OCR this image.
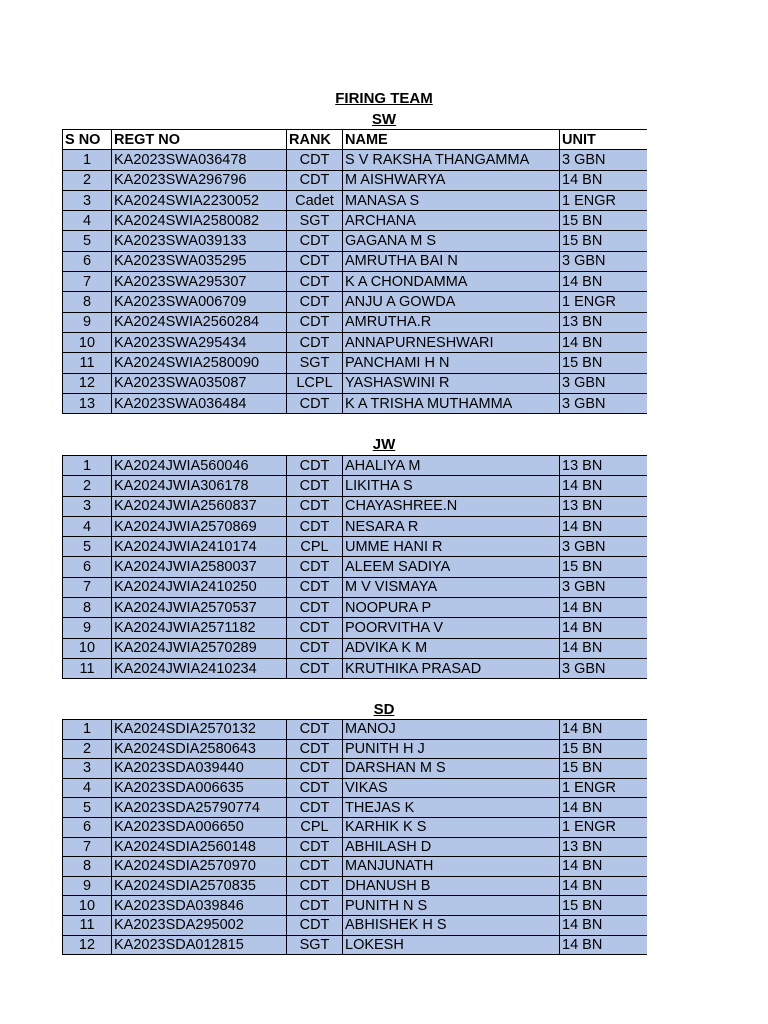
FIRING TEAM
SW
S NO	REGT NO	RANK	NAME	UNIT
1	KA2023SWA036478	CDT	S V RAKSHA THANGAMMA	3 GBN
2	KA2023SWA296796	CDT	M AISHWARYA	14 BN
3	KA2024SWIA2230052	Cadet	MANASA S	1 ENGR
4	KA2024SWIA2580082	SGT	ARCHANA	15 BN
5	KA2023SWA039133	CDT	GAGANA M S	15 BN
6	KA2023SWA035295	CDT	AMRUTHA BAI N	3 GBN
7	KA2023SWA295307	CDT	K A CHONDAMMA	14 BN
8	KA2023SWA006709	CDT	ANJU A GOWDA	1 ENGR
9	KA2024SWIA2560284	CDT	AMRUTHA.R	13 BN
10	KA2023SWA295434	CDT	ANNAPURNESHWARI	14 BN
11	KA2024SWIA2580090	SGT	PANCHAMI H N	15 BN
12	KA2023SWA035087	LCPL	YASHASWINI R	3 GBN
13	KA2023SWA036484	CDT	K A TRISHA MUTHAMMA	3 GBN
JW
1	KA2024JWIA560046	CDT	AHALIYA M	13 BN
2	KA2024JWIA306178	CDT	LIKITHA S	14 BN
3	KA2024JWIA2560837	CDT	CHAYASHREE.N	13 BN
4	KA2024JWIA2570869	CDT	NESARA R	14 BN
5	KA2024JWIA2410174	CPL	UMME HANI R	3 GBN
6	KA2024JWIA2580037	CDT	ALEEM SADIYA	15 BN
7	KA2024JWIA2410250	CDT	M V VISMAYA	3 GBN
8	KA2024JWIA2570537	CDT	NOOPURA P	14 BN
9	KA2024JWIA2571182	CDT	POORVITHA V	14 BN
10	KA2024JWIA2570289	CDT	ADVIKA K M	14 BN
11	KA2024JWIA2410234	CDT	KRUTHIKA PRASAD	3 GBN
SD
1	KA2024SDIA2570132	CDT	MANOJ	14 BN
2	KA2024SDIA2580643	CDT	PUNITH H J	15 BN
3	KA2023SDA039440	CDT	DARSHAN M S	15 BN
4	KA2023SDA006635	CDT	VIKAS	1 ENGR
5	KA2023SDA25790774	CDT	THEJAS K	14 BN
6	KA2023SDA006650	CPL	KARHIK K S	1 ENGR
7	KA2024SDIA2560148	CDT	ABHILASH D	13 BN
8	KA2024SDIA2570970	CDT	MANJUNATH	14 BN
9	KA2024SDIA2570835	CDT	DHANUSH B	14 BN
10	KA2023SDA039846	CDT	PUNITH N S	15 BN
11	KA2023SDA295002	CDT	ABHISHEK H S	14 BN
12	KA2023SDA012815	SGT	LOKESH	14 BN
